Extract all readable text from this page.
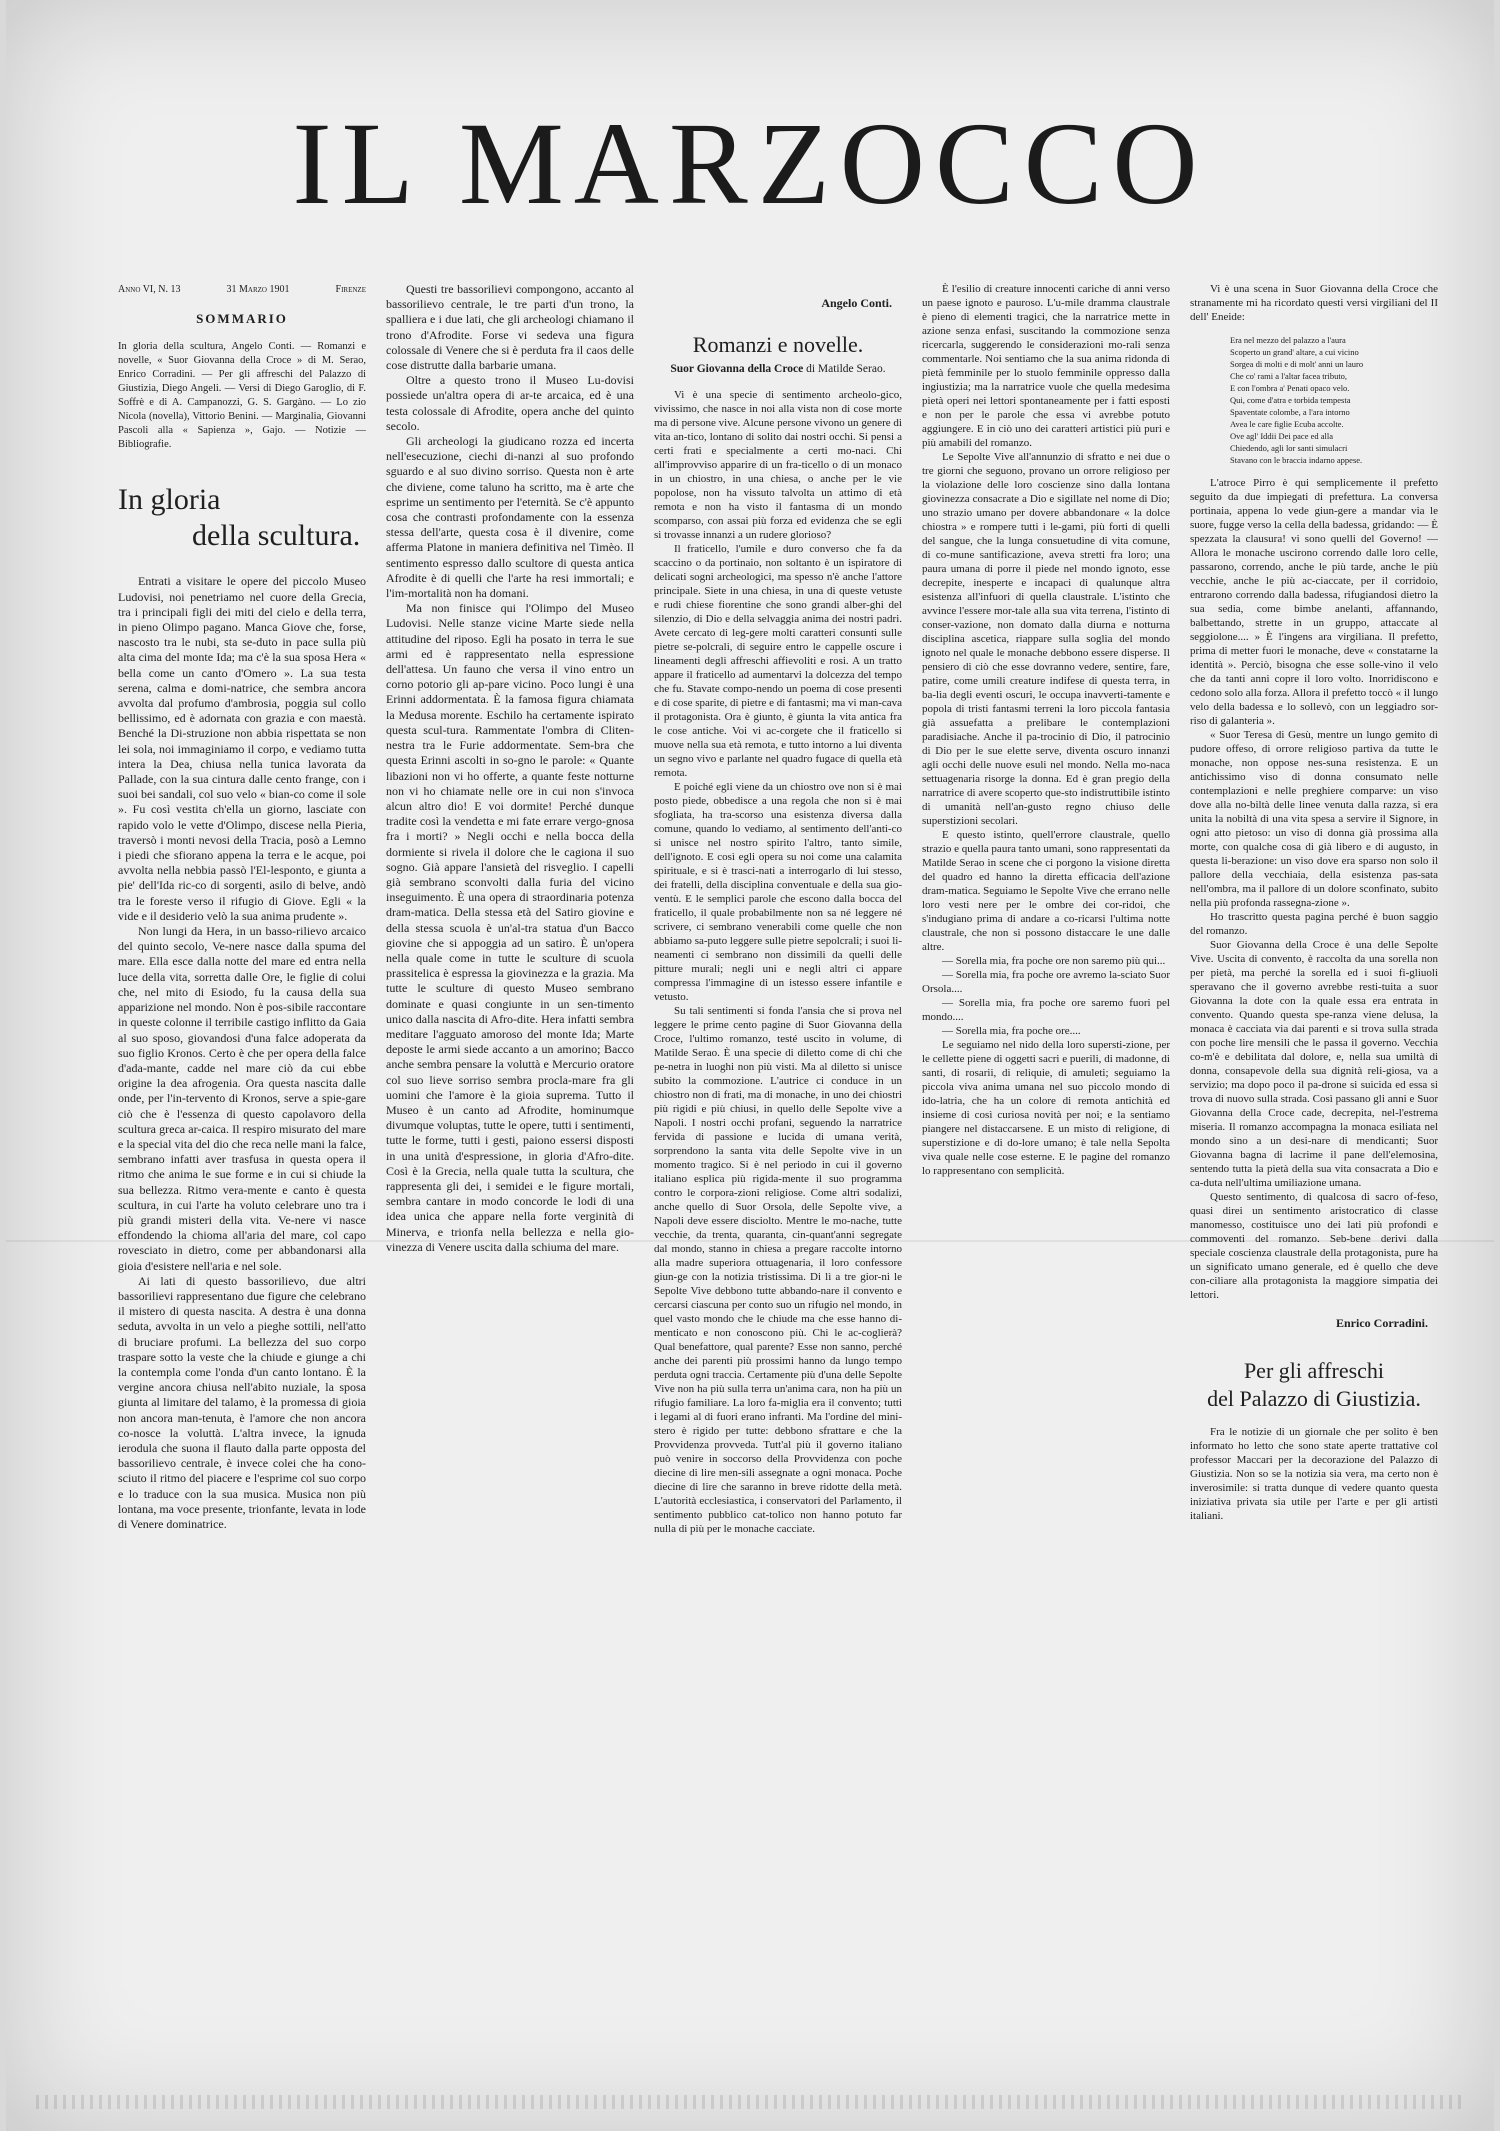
IL MARZOCCO
Anno VI, N. 13	31 Marzo 1901	Firenze
SOMMARIO
In gloria della scultura, Angelo Conti. — Romanzi e novelle, « Suor Giovanna della Croce » di M. Serao, Enrico Corradini. — Per gli affreschi del Palazzo di Giustizia, Diego Angeli. — Versi di Diego Garoglio, di F. Soffrè e di A. Campanozzi, G. S. Gargàno. — Lo zio Nicola (novella), Vittorio Benini. — Marginalia, Giovanni Pascoli alla « Sapienza », Gajo. — Notizie — Bibliografie.
In gloria
della scultura.

Entrati a visitare le opere del piccolo Museo Ludovisi, noi penetriamo nel cuore della Grecia, tra i principali figli dei miti del cielo e della terra, in pieno Olimpo pagano. Manca Giove che, forse, nascosto tra le nubi, sta se-duto in pace sulla più alta cima del monte Ida; ma c'è la sua sposa Hera « bella come un canto d'Omero ». La sua testa serena, calma e domi-natrice, che sembra ancora avvolta dal profumo d'ambrosia, poggia sul collo bellissimo, ed è adornata con grazia e con maestà. Benché la Di-struzione non abbia rispettata se non lei sola, noi immaginiamo il corpo, e vediamo tutta intera la Dea, chiusa nella tunica lavorata da Pallade, con la sua cintura dalle cento frange, con i suoi bei sandali, col suo velo « bian-co come il sole ». Fu così vestita ch'ella un giorno, lasciate con rapido volo le vette d'Olimpo, discese nella Pieria, traversò i monti nevosi della Tracia, posò a Lemno i piedi che sfiorano appena la terra e le acque, poi avvolta nella nebbia passò l'El-lesponto, e giunta a pie' dell'Ida ric-co di sorgenti, asilo di belve, andò tra le foreste verso il rifugio di Giove. Egli « la vide e il desiderio velò la sua anima prudente ».

Non lungi da Hera, in un basso-rilievo arcaico del quinto secolo, Ve-nere nasce dalla spuma del mare. Ella esce dalla notte del mare ed entra nella luce della vita, sorretta dalle Ore, le figlie di colui che, nel mito di Esiodo, fu la causa della sua apparizione nel mondo. Non è pos-sibile raccontare in queste colonne il terribile castigo inflitto da Gaia al suo sposo, giovandosi d'una falce adoperata da suo figlio Kronos. Certo è che per opera della falce d'ada-mante, cadde nel mare ciò da cui ebbe origine la dea afrogenia. Ora questa nascita dalle onde, per l'in-tervento di Kronos, serve a spie-gare ciò che è l'essenza di questo capolavoro della scultura greca ar-caica. Il respiro misurato del mare e la special vita del dio che reca nelle mani la falce, sembrano infatti aver trasfusa in questa opera il ritmo che anima le sue forme e in cui si chiude la sua bellezza. Ritmo vera-mente e canto è questa scultura, in cui l'arte ha voluto celebrare uno tra i più grandi misteri della vita. Ve-nere vi nasce effondendo la chioma all'aria del mare, col capo rovesciato in dietro, come per abbandonarsi alla gioia d'esistere nell'aria e nel sole.

Ai lati di questo bassorilievo, due altri bassorilievi rappresentano due figure che celebrano il mistero di questa nascita. A destra è una donna seduta, avvolta in un velo a pieghe sottili, nell'atto di bruciare profumi. La bellezza del suo corpo traspare sotto la veste che la chiude e giunge a chi la contempla come l'onda d'un canto lontano. È la vergine ancora chiusa nell'abito nuziale, la sposa giunta al limitare del talamo, è la promessa di gioia non ancora man-tenuta, è l'amore che non ancora co-nosce la voluttà. L'altra invece, la ignuda ierodula che suona il flauto dalla parte opposta del bassorilievo centrale, è invece colei che ha cono-sciuto il ritmo del piacere e l'esprime col suo corpo e lo traduce con la sua musica. Musica non più lontana, ma voce presente, trionfante, levata in lode di Venere dominatrice.

Questi tre bassorilievi compongono, accanto al bassorilievo centrale, le tre parti d'un trono, la spalliera e i due lati, che gli archeologi chiamano il trono d'Afrodite. Forse vi sedeva una figura colossale di Venere che si è perduta fra il caos delle cose distrutte dalla barbarie umana.

Oltre a questo trono il Museo Lu-dovisi possiede un'altra opera di ar-te arcaica, ed è una testa colossale di Afrodite, opera anche del quinto secolo.

Gli archeologi la giudicano rozza ed incerta nell'esecuzione, ciechi di-nanzi al suo profondo sguardo e al suo divino sorriso. Questa non è arte che diviene, come taluno ha scritto, ma è arte che esprime un sentimento per l'eternità. Se c'è appunto cosa che contrasti profondamente con la essenza stessa dell'arte, questa cosa è il divenire, come afferma Platone in maniera definitiva nel Timèo. Il sentimento espresso dallo scultore di questa antica Afrodite è di quelli che l'arte ha resi immortali; e l'im-mortalità non ha domani.

Ma non finisce qui l'Olimpo del Museo Ludovisi. Nelle stanze vicine Marte siede nella attitudine del riposo. Egli ha posato in terra le sue armi ed è rappresentato nella espressione dell'attesa. Un fauno che versa il vino entro un corno potorio gli ap-pare vicino. Poco lungi è una Erinni addormentata. È la famosa figura chiamata la Medusa morente. Eschilo ha certamente ispirato questa scul-tura. Rammentate l'ombra di Cliten-nestra tra le Furie addormentate. Sem-bra che questa Erinni ascolti in so-gno le parole: « Quante libazioni non vi ho offerte, a quante feste notturne non vi ho chiamate nelle ore in cui non s'invoca alcun altro dio! E voi dormite! Perché dunque tradite così la vendetta e mi fate errare vergo-gnosa fra i morti? » Negli occhi e nella bocca della dormiente si rivela il dolore che le cagiona il suo sogno. Già appare l'ansietà del risveglio. I capelli già sembrano sconvolti dalla furia del vicino inseguimento. È una opera di straordinaria potenza dram-matica. Della stessa età del Satiro giovine e della stessa scuola è un'al-tra statua d'un Bacco giovine che si appoggia ad un satiro. È un'opera nella quale come in tutte le sculture di scuola prassitelica è espressa la giovinezza e la grazia. Ma tutte le sculture di questo Museo sembrano dominate e quasi congiunte in un sen-timento unico dalla nascita di Afro-dite. Hera infatti sembra meditare l'agguato amoroso del monte Ida; Marte deposte le armi siede accanto a un amorino; Bacco anche sembra pensare la voluttà e Mercurio oratore col suo lieve sorriso sembra procla-mare fra gli uomini che l'amore è la gioia suprema. Tutto il Museo è un canto ad Afrodite, hominumque divumque voluptas, tutte le opere, tutti i sentimenti, tutte le forme, tutti i gesti, paiono essersi disposti in una unità d'espressione, in gloria d'Afro-dite. Così è la Grecia, nella quale tutta la scultura, che rappresenta gli dei, i semidei e le figure mortali, sembra cantare in modo concorde le lodi di una idea unica che appare nella forte verginità di Minerva, e trionfa nella bellezza e nella gio-vinezza di Venere uscita dalla schiuma del mare.

Angelo Conti.
Romanzi e novelle.
Suor Giovanna della Croce di Matilde Serao.

Vi è una specie di sentimento archeolo-gico, vivissimo, che nasce in noi alla vista non di cose morte ma di persone vive. Alcune persone vivono un genere di vita an-tico, lontano di solito dai nostri occhi. Si pensi a certi frati e specialmente a certi mo-naci. Chi all'improvviso apparire di un fra-ticello o di un monaco in un chiostro, in una chiesa, o anche per le vie popolose, non ha vissuto talvolta un attimo di età remota e non ha visto il fantasma di un mondo scomparso, con assai più forza ed evidenza che se egli si trovasse innanzi a un rudere glorioso?

Il fraticello, l'umile e duro converso che fa da scaccino o da portinaio, non soltanto è un ispiratore di delicati sogni archeologici, ma spesso n'è anche l'attore principale. Siete in una chiesa, in una di queste vetuste e rudi chiese fiorentine che sono grandi alber-ghi del silenzio, di Dio e della selvaggia anima dei nostri padri. Avete cercato di leg-gere molti caratteri consunti sulle pietre se-polcrali, di seguire entro le cappelle oscure i lineamenti degli affreschi affievoliti e rosi. A un tratto appare il fraticello ad aumentarvi la dolcezza del tempo che fu. Stavate compo-nendo un poema di cose presenti e di cose sparite, di pietre e di fantasmi; ma vi man-cava il protagonista. Ora è giunto, è giunta la vita antica fra le cose antiche. Voi vi ac-corgete che il fraticello si muove nella sua età remota, e tutto intorno a lui diventa un segno vivo e parlante nel quadro fugace di quella età remota.

E poiché egli viene da un chiostro ove non si è mai posto piede, obbedisce a una regola che non si è mai sfogliata, ha tra-scorso una esistenza diversa dalla comune, quando lo vediamo, al sentimento dell'anti-co si unisce nel nostro spirito l'altro, tanto simile, dell'ignoto. E così egli opera su noi come una calamita spirituale, e si è trasci-nati a interrogarlo di lui stesso, dei fratelli, della disciplina conventuale e della sua gio-ventù. E le semplici parole che escono dalla bocca del fraticello, il quale probabilmente non sa né leggere né scrivere, ci sembrano venerabili come quelle che non abbiamo sa-puto leggere sulle pietre sepolcrali; i suoi li-neamenti ci sembrano non dissimili da quelli delle pitture murali; negli uni e negli altri ci appare compressa l'immagine di un istesso essere infantile e vetusto.

Su tali sentimenti si fonda l'ansia che si prova nel leggere le prime cento pagine di Suor Giovanna della Croce, l'ultimo romanzo, testé uscito in volume, di Matilde Serao. È una specie di diletto come di chi che pe-netra in luoghi non più visti. Ma al diletto si unisce subito la commozione. L'autrice ci conduce in un chiostro non di frati, ma di monache, in uno dei chiostri più rigidi e più chiusi, in quello delle Sepolte vive a Napoli. I nostri occhi profani, seguendo la narratrice fervida di passione e lucida di umana verità, sorprendono la santa vita delle Sepolte vive in un momento tragico. Si è nel periodo in cui il governo italiano esplica più rigida-mente il suo programma contro le corpora-zioni religiose. Come altri sodalizi, anche quello di Suor Orsola, delle Sepolte vive, a Napoli deve essere disciolto. Mentre le mo-nache, tutte vecchie, da trenta, quaranta, cin-quant'anni segregate dal mondo, stanno in chiesa a pregare raccolte intorno alla madre superiora ottuagenaria, il loro confessore giun-ge con la notizia tristissima. Di lì a tre gior-ni le Sepolte Vive debbono tutte abbando-nare il convento e cercarsi ciascuna per conto suo un rifugio nel mondo, in quel vasto mondo che le chiude ma che esse hanno di-menticato e non conoscono più. Chi le ac-coglierà? Qual benefattore, qual parente? Esse non sanno, perché anche dei parenti più prossimi hanno da lungo tempo perduta ogni traccia. Certamente più d'una delle Sepolte Vive non ha più sulla terra un'anima cara, non ha più un rifugio familiare. La loro fa-miglia era il convento; tutti i legami al di fuori erano infranti. Ma l'ordine del mini-stero è rigido per tutte: debbono sfrattare e che la Provvidenza provveda. Tutt'al più il governo italiano può venire in soccorso della Provvidenza con poche diecine di lire men-sili assegnate a ogni monaca. Poche diecine di lire che saranno in breve ridotte della metà. L'autorità ecclesiastica, i conservatori del Parlamento, il sentimento pubblico cat-tolico non hanno potuto far nulla di più per le monache cacciate.

È l'esilio di creature innocenti cariche di anni verso un paese ignoto e pauroso. L'u-mile dramma claustrale è pieno di elementi tragici, che la narratrice mette in azione senza enfasi, suscitando la commozione senza ricercarla, suggerendo le considerazioni mo-rali senza commentarle. Noi sentiamo che la sua anima ridonda di pietà femminile per lo stuolo femminile oppresso dalla ingiustizia; ma la narratrice vuole che quella medesima pietà operi nei lettori spontaneamente per i fatti esposti e non per le parole che essa vi avrebbe potuto aggiungere. E in ciò uno dei caratteri artistici più puri e più amabili del romanzo.

Le Sepolte Vive all'annunzio di sfratto e nei due o tre giorni che seguono, provano un orrore religioso per la violazione delle loro coscienze sino dalla lontana giovinezza consacrate a Dio e sigillate nel nome di Dio; uno strazio umano per dovere abbandonare « la dolce chiostra » e rompere tutti i le-gami, più forti di quelli del sangue, che la lunga consuetudine di vita comune, di co-mune santificazione, aveva stretti fra loro; una paura umana di porre il piede nel mondo ignoto, esse decrepite, inesperte e incapaci di qualunque altra esistenza all'infuori di quella claustrale. L'istinto che avvince l'essere mor-tale alla sua vita terrena, l'istinto di conser-vazione, non domato dalla diurna e notturna disciplina ascetica, riappare sulla soglia del mondo ignoto nel quale le monache debbono essere disperse. Il pensiero di ciò che esse dovranno vedere, sentire, fare, patire, come umili creature indifese di questa terra, in ba-lìa degli eventi oscuri, le occupa inavverti-tamente e popola di tristi fantasmi terreni la loro piccola fantasia già assuefatta a prelibare le contemplazioni paradisiache. Anche il pa-trocinio di Dio, il patrocinio di Dio per le sue elette serve, diventa oscuro innanzi agli occhi delle nuove esuli nel mondo. Nella mo-naca settuagenaria risorge la donna. Ed è gran pregio della narratrice di avere scoperto que-sto indistruttibile istinto di umanità nell'an-gusto regno chiuso delle superstizioni secolari.

E questo istinto, quell'errore claustrale, quello strazio e quella paura tanto umani, sono rappresentati da Matilde Serao in scene che ci porgono la visione diretta del quadro ed hanno la diretta efficacia dell'azione dram-matica. Seguiamo le Sepolte Vive che errano nelle loro vesti nere per le ombre dei cor-ridoi, che s'indugiano prima di andare a co-ricarsi l'ultima notte claustrale, che non si possono distaccare le une dalle altre.

— Sorella mia, fra poche ore non saremo più qui...

— Sorella mia, fra poche ore avremo la-sciato Suor Orsola....

— Sorella mia, fra poche ore saremo fuori pel mondo....

— Sorella mia, fra poche ore....

Le seguiamo nel nido della loro supersti-zione, per le cellette piene di oggetti sacri e puerili, di madonne, di santi, di rosarii, di reliquie, di amuleti; seguiamo la piccola viva anima umana nel suo piccolo mondo di ido-latria, che ha un colore di remota antichità ed insieme di così curiosa novità per noi; e la sentiamo piangere nel distaccarsene. E un misto di religione, di superstizione e di do-lore umano; è tale nella Sepolta viva quale nelle cose esterne. E le pagine del romanzo lo rappresentano con semplicità.

Vi è una scena in Suor Giovanna della Croce che stranamente mi ha ricordato questi versi virgiliani del II dell' Eneide:

Era nel mezzo del palazzo a l'aura
Scoperto un grand' altare, a cui vicino
Sorgea di molti e di molt' anni un lauro
Che co' rami a l'altar facea tributo,
E con l'ombra a' Penati opaco velo.
Qui, come d'atra e torbida tempesta
Spaventate colombe, a l'ara intorno
Avea le care figlie Ecuba accolte.
Ove agl' Iddii Dei pace ed alla
Chiedendo, agli lor santi simulacri
Stavano con le braccia indarno appese.

L'atroce Pirro è qui semplicemente il prefetto seguito da due impiegati di prefettura. La conversa portinaia, appena lo vede giun-gere a mandar via le suore, fugge verso la cella della badessa, gridando: — È spezzata la clausura! vi sono quelli del Governo! — Allora le monache uscirono correndo dalle loro celle, passarono, correndo, anche le più tarde, anche le più vecchie, anche le più ac-ciaccate, per il corridoio, entrarono correndo dalla badessa, rifugiandosi dietro la sua sedia, come bimbe anelanti, affannando, balbettando, strette in un gruppo, attaccate al seggiolone.... » È l'ingens ara virgiliana. Il prefetto, prima di metter fuori le monache, deve « constatarne la identità ». Perciò, bisogna che esse solle-vino il velo che da tanti anni copre il loro volto. Inorridiscono e cedono solo alla forza. Allora il prefetto toccò « il lungo velo della badessa e lo sollevò, con un leggiadro sor-riso di galanteria ».

« Suor Teresa di Gesù, mentre un lungo gemito di pudore offeso, di orrore religioso partiva da tutte le monache, non oppose nes-suna resistenza. E un antichissimo viso di donna consumato nelle contemplazioni e nelle preghiere comparve: un viso dove alla no-biltà delle linee venuta dalla razza, si era unita la nobiltà di una vita spesa a servire il Signore, in ogni atto pietoso: un viso di donna già prossima alla morte, con qualche cosa di già libero e di augusto, in questa li-berazione: un viso dove era sparso non solo il pallore della vecchiaia, della esistenza pas-sata nell'ombra, ma il pallore di un dolore sconfinato, subito nella più profonda rassegna-zione ».

Ho trascritto questa pagina perché è buon saggio del romanzo.

Suor Giovanna della Croce è una delle Sepolte Vive. Uscita di convento, è raccolta da una sorella non per pietà, ma perché la sorella ed i suoi fi-gliuoli speravano che il governo avrebbe resti-tuita a suor Giovanna la dote con la quale essa era entrata in convento. Quando questa spe-ranza viene delusa, la monaca è cacciata via dai parenti e si trova sulla strada con poche lire mensili che le passa il governo. Vecchia co-m'è e debilitata dal dolore, e, nella sua umiltà di donna, consapevole della sua dignità reli-giosa, va a servizio; ma dopo poco il pa-drone si suicida ed essa si trova di nuovo sulla strada. Così passano gli anni e Suor Giovanna della Croce cade, decrepita, nel-l'estrema miseria. Il romanzo accompagna la monaca esiliata nel mondo sino a un desi-nare di mendicanti; Suor Giovanna bagna di lacrime il pane dell'elemosina, sentendo tutta la pietà della sua vita consacrata a Dio e ca-duta nell'ultima umiliazione umana.

Questo sentimento, di qualcosa di sacro of-feso, quasi direi un sentimento aristocratico di classe manomesso, costituisce uno dei lati più profondi e commoventi del romanzo. Seb-bene derivi dalla speciale coscienza claustrale della protagonista, pure ha un significato umano generale, ed è quello che deve con-ciliare alla protagonista la maggiore simpatia dei lettori.

Enrico Corradini.
Per gli affreschi
del Palazzo di Giustizia.

Fra le notizie di un giornale che per solito è ben informato ho letto che sono state aperte trattative col professor Maccari per la decorazione del Palazzo di Giustizia. Non so se la notizia sia vera, ma certo non è inverosimile: si tratta dunque di vedere quanto questa iniziativa privata sia utile per l'arte e per gli artisti italiani.
